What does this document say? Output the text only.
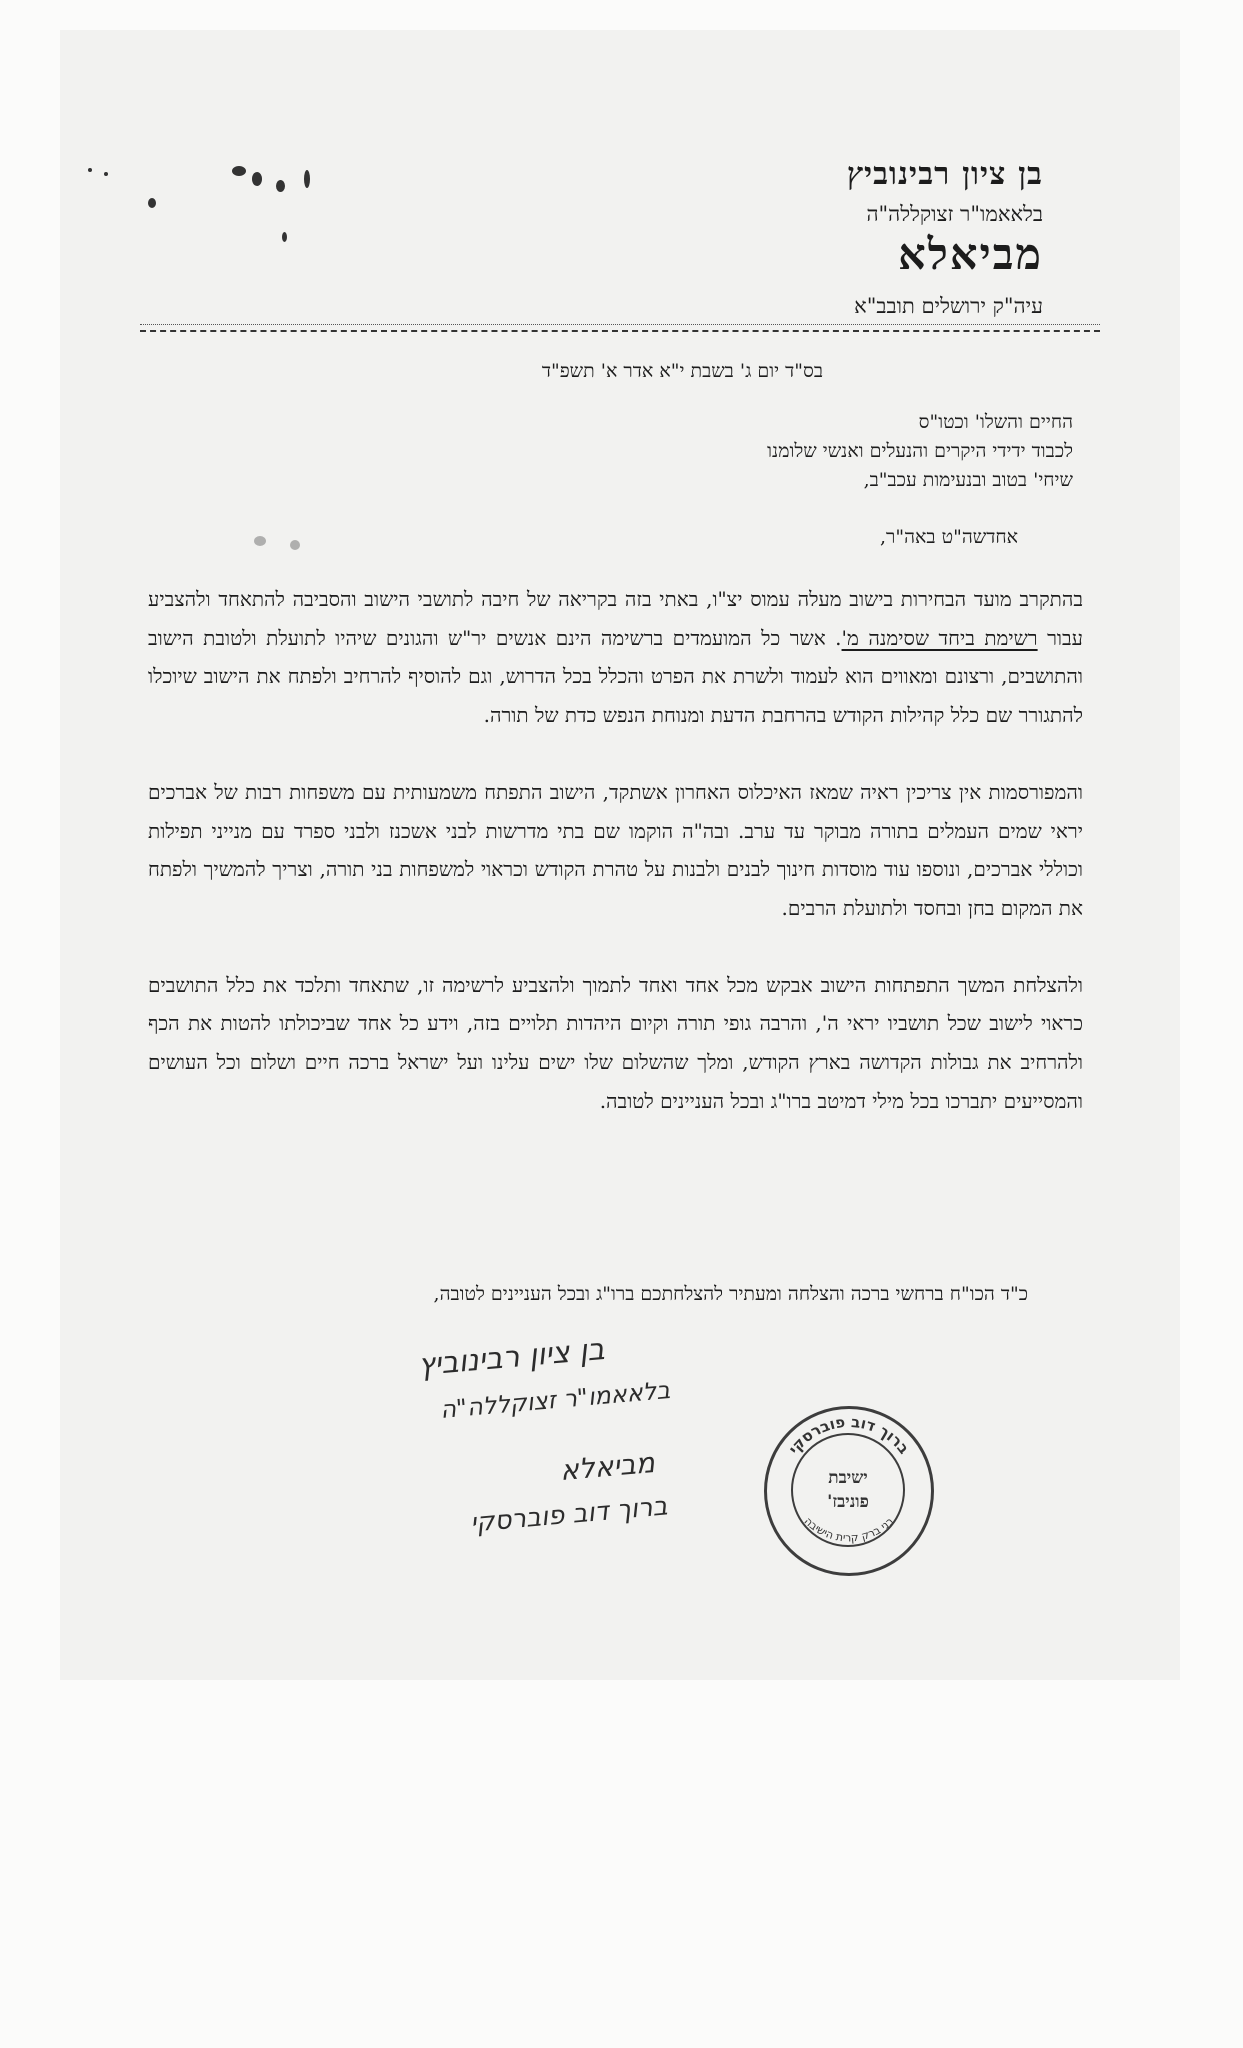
בן ציון רבינוביץ
בלאאמו"ר זצוקללה"ה
מביאלא
עיה"ק ירושלים תובב"א
בס"ד יום ג' בשבת י"א אדר א' תשפ"ד
החיים והשלו' וכטו"ס
לכבוד ידידי היקרים והנעלים ואנשי שלומנו
שיחי' בטוב ובנעימות עכב"ב,
אחדשה"ט באה"ר,

בהתקרב מועד הבחירות בישוב מעלה עמוס יצ"ו, באתי בזה בקריאה של חיבה לתושבי הישוב והסביבה להתאחד ולהצביע עבור רשימת ביחד שסימנה מ'. אשר כל המועמדים ברשימה הינם אנשים יר"ש והגונים שיהיו לתועלת ולטובת הישוב והתושבים, ורצונם ומאווים הוא לעמוד ולשרת את הפרט והכלל בכל הדרוש, וגם להוסיף להרחיב ולפתח את הישוב שיוכלו להתגורר שם כלל קהילות הקודש בהרחבת הדעת ומנוחת הנפש כדת של תורה.

והמפורסמות אין צריכין ראיה שמאז האיכלוס האחרון אשתקד, הישוב התפתח משמעותית עם משפחות רבות של אברכים יראי שמים העמלים בתורה מבוקר עד ערב. ובה"ה הוקמו שם בתי מדרשות לבני אשכנז ולבני ספרד עם מנייני תפילות וכוללי אברכים, ונוספו עוד מוסדות חינוך לבנים ולבנות על טהרת הקודש וכראוי למשפחות בני תורה, וצריך להמשיך ולפתח את המקום בחן ובחסד ולתועלת הרבים.

ולהצלחת המשך התפתחות הישוב אבקש מכל אחד ואחד לתמוך ולהצביע לרשימה זו, שתאחד ותלכד את כלל התושבים כראוי לישוב שכל תושביו יראי ה', והרבה גופי תורה וקיום היהדות תלויים בזה, וידע כל אחד שביכולתו להטות את הכף ולהרחיב את גבולות הקדושה בארץ הקודש, ומלך שהשלום שלו ישים עלינו ועל ישראל ברכה חיים ושלום וכל העושים והמסייעים יתברכו בכל מילי דמיטב ברו"ג ובכל העניינים לטובה.

כ"ד הכו"ח ברחשי ברכה והצלחה ומעתיר להצלחתכם ברו"ג ובכל העניינים לטובה,
בן ציון רבינוביץ
בלאאמו"ר זצוקללה"ה
מביאלא
ברוך דוב פוברסקי
ברוך דוב פוברסקי
בני ברק קרית הישיבה
ישיבת
פוניבז'
